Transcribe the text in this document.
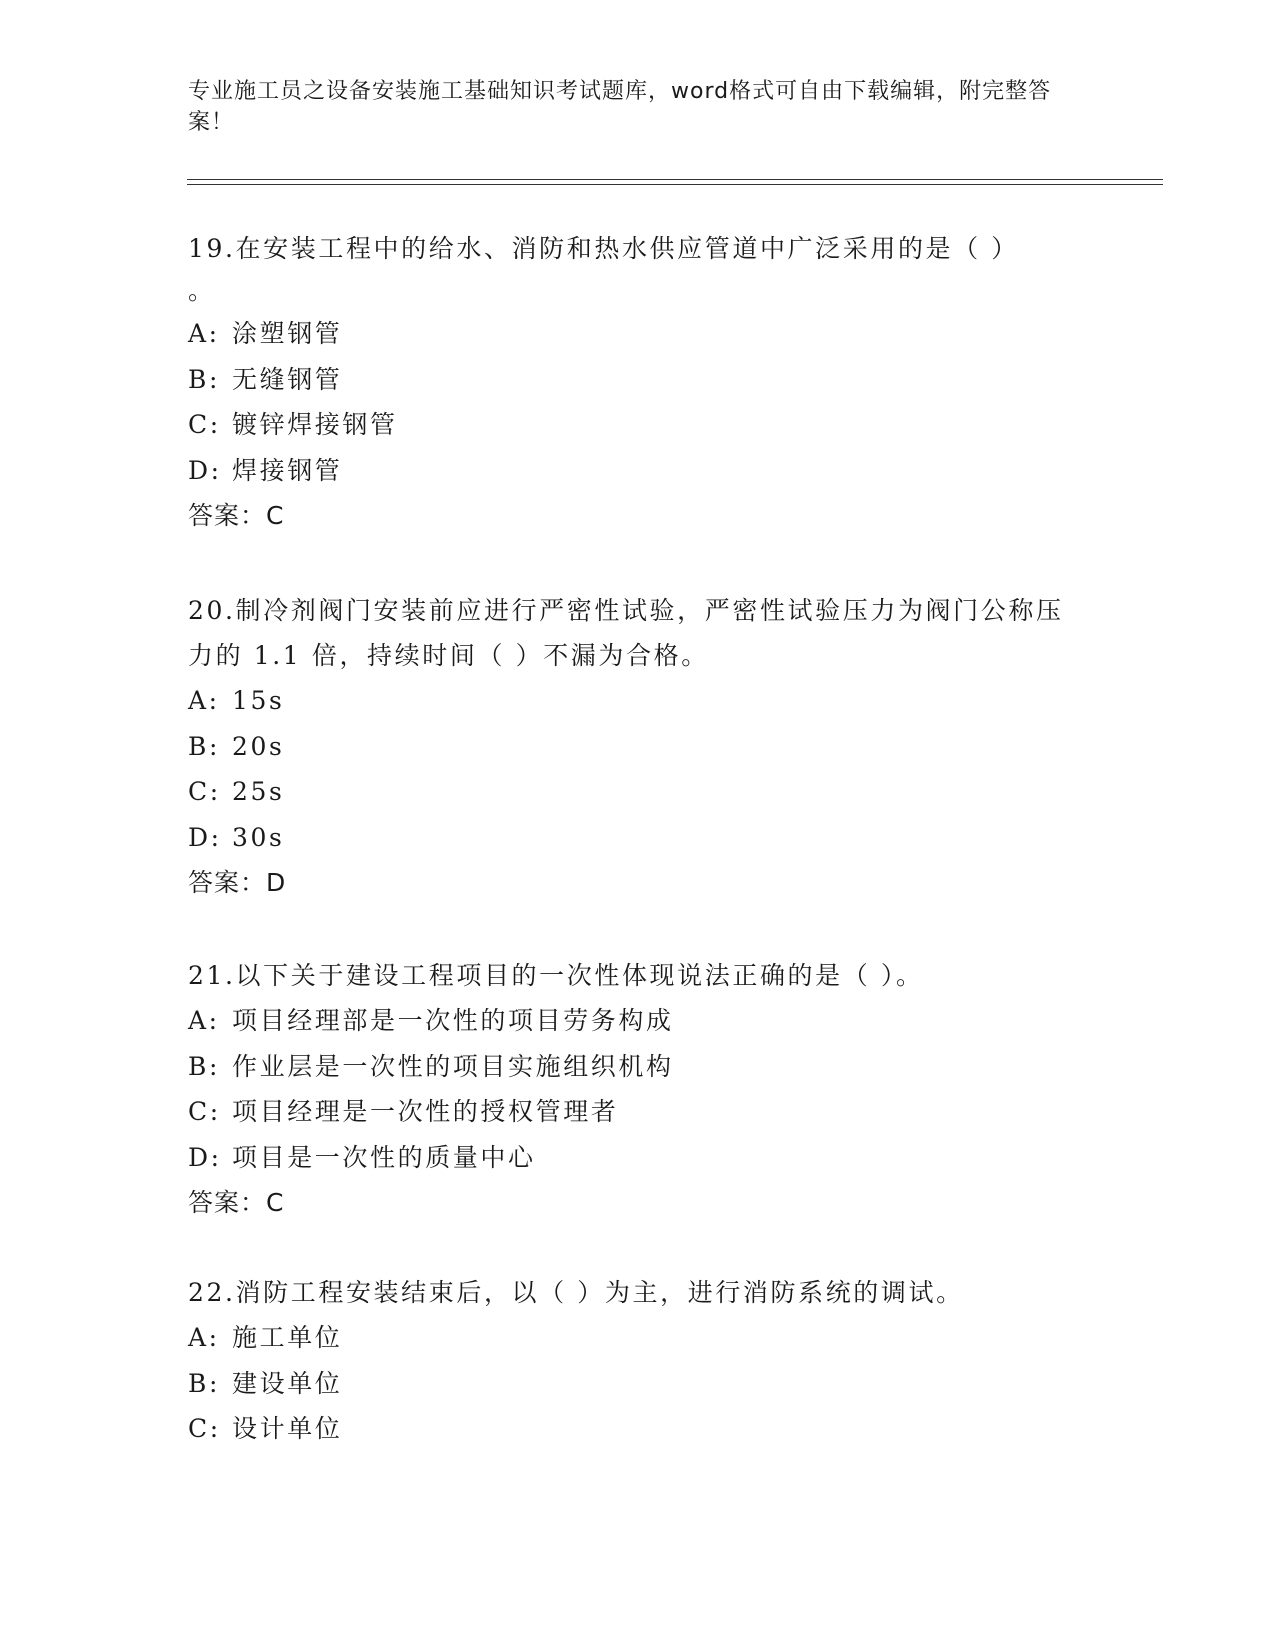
专业施工员之设备安装施工基础知识考试题库，word格式可自由下载编辑，附完整答案！

19.在安装工程中的给水、消防和热水供应管道中广泛采用的是（ ）

。

A: 涂塑钢管

B: 无缝钢管

C: 镀锌焊接钢管

D: 焊接钢管

答案：C

20.制冷剂阀门安装前应进行严密性试验，严密性试验压力为阀门公称压力的 1.1 倍，持续时间（ ）不漏为合格。

A: 15s

B: 20s

C: 25s

D: 30s

答案：D

21.以下关于建设工程项目的一次性体现说法正确的是（ ）。

A: 项目经理部是一次性的项目劳务构成

B: 作业层是一次性的项目实施组织机构

C: 项目经理是一次性的授权管理者

D: 项目是一次性的质量中心

答案：C

22.消防工程安装结束后，以（ ）为主，进行消防系统的调试。

A: 施工单位

B: 建设单位

C: 设计单位
